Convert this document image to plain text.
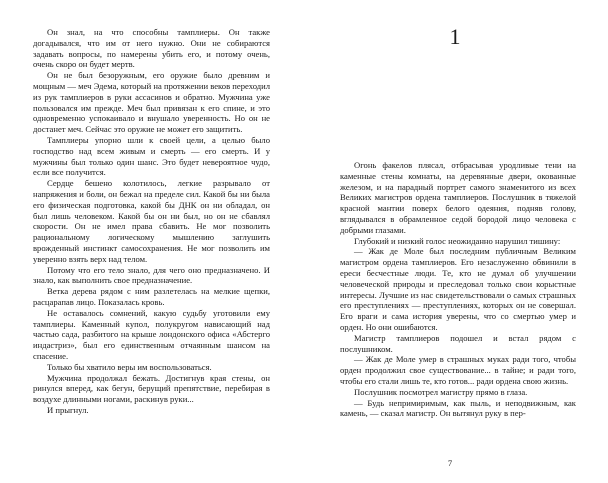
Он знал, на что способны тамплиеры. Он также догадывался, что им от него нужно. Они не собираются задавать вопросы, по намерены убить его, и потому очень, очень скоро он будет мертв.

Он не был безоружным, его оружие было древним и мощным — меч Эдема, который на протяжении веков переходил из рук тамплиеров в руки ассасинов и обратно. Мужчина уже пользовался им прежде. Меч был привязан к его спине, и это одновременно успокаивало и внушало уверенность. Но он не достанет меч. Сейчас это оружие не может его защитить.

Тамплиеры упорно шли к своей цели, а целью было господство над всем живым и смерть — его смерть. И у мужчины был только один шанс. Это будет невероятное чудо, если все получится.

Сердце бешено колотилось, легкие разрывало от напряжения и боли, он бежал на пределе сил. Какой бы ни была его физическая подготовка, какой бы ДНК он ни обладал, он был лишь человеком. Какой бы он ни был, но он не сбавлял скорости. Он не имел права сбавить. Не мог позволить рациональному логическому мышлению заглушить врожденный инстинкт самосохранения. Не мог позволить им уверенно взять верх над телом.

Потому что его тело знало, для чего оно предназначено. И знало, как выполнить свое предназначение.

Ветка дерева рядом с ним разлетелась на мелкие щепки, расцарапав лицо. Показалась кровь.

Не оставалось сомнений, какую судьбу уготовили ему тамплиеры. Каменный купол, полукругом нависающий над частью сада, разбитого на крыше лондонского офиса «Абстерго индастриз», был его единственным отчаянным шансом на спасение.

Только бы хватило веры им воспользоваться.

Мужчина продолжал бежать. Достигнув края стены, он ринулся вперед, как бегун, берущий препятствие, перебирая в воздухе длинными ногами, раскинув руки...

И прыгнул.

1

Огонь факелов плясал, отбрасывая уродливые тени на каменные стены комнаты, на деревянные двери, окованные железом, и на парадный портрет самого знаменитого из всех Великих магистров ордена тамплиеров. Послушник в тяжелой красной мантии поверх белого одеяния, подняв голову, вглядывался в обрамленное седой бородой лицо человека с добрыми глазами.

Глубокий и низкий голос неожиданно нарушил тишину:

— Жак де Моле был последним публичным Великим магистром ордена тамплиеров. Его незаслуженно обвинили в ереси бесчестные люди. Те, кто не думал об улучшении человеческой природы и преследовал только свои корыстные интересы. Лучшие из нас свидетельствовали о самых страшных его преступлениях — преступлениях, которых он не совершал. Его враги и сама история уверены, что со смертью умер и орден. Но они ошибаются.

Магистр тамплиеров подошел и встал рядом с послушником.

— Жак де Моле умер в страшных муках ради того, чтобы орден продолжил свое существование... в тайне; и ради того, чтобы его стали лишь те, кто готов... ради ордена свою жизнь.

Послушник посмотрел магистру прямо в глаза.

— Будь непримиримым, как пыль, и неподвижным, как камень, — сказал магистр. Он вытянул руку в пер-

7
